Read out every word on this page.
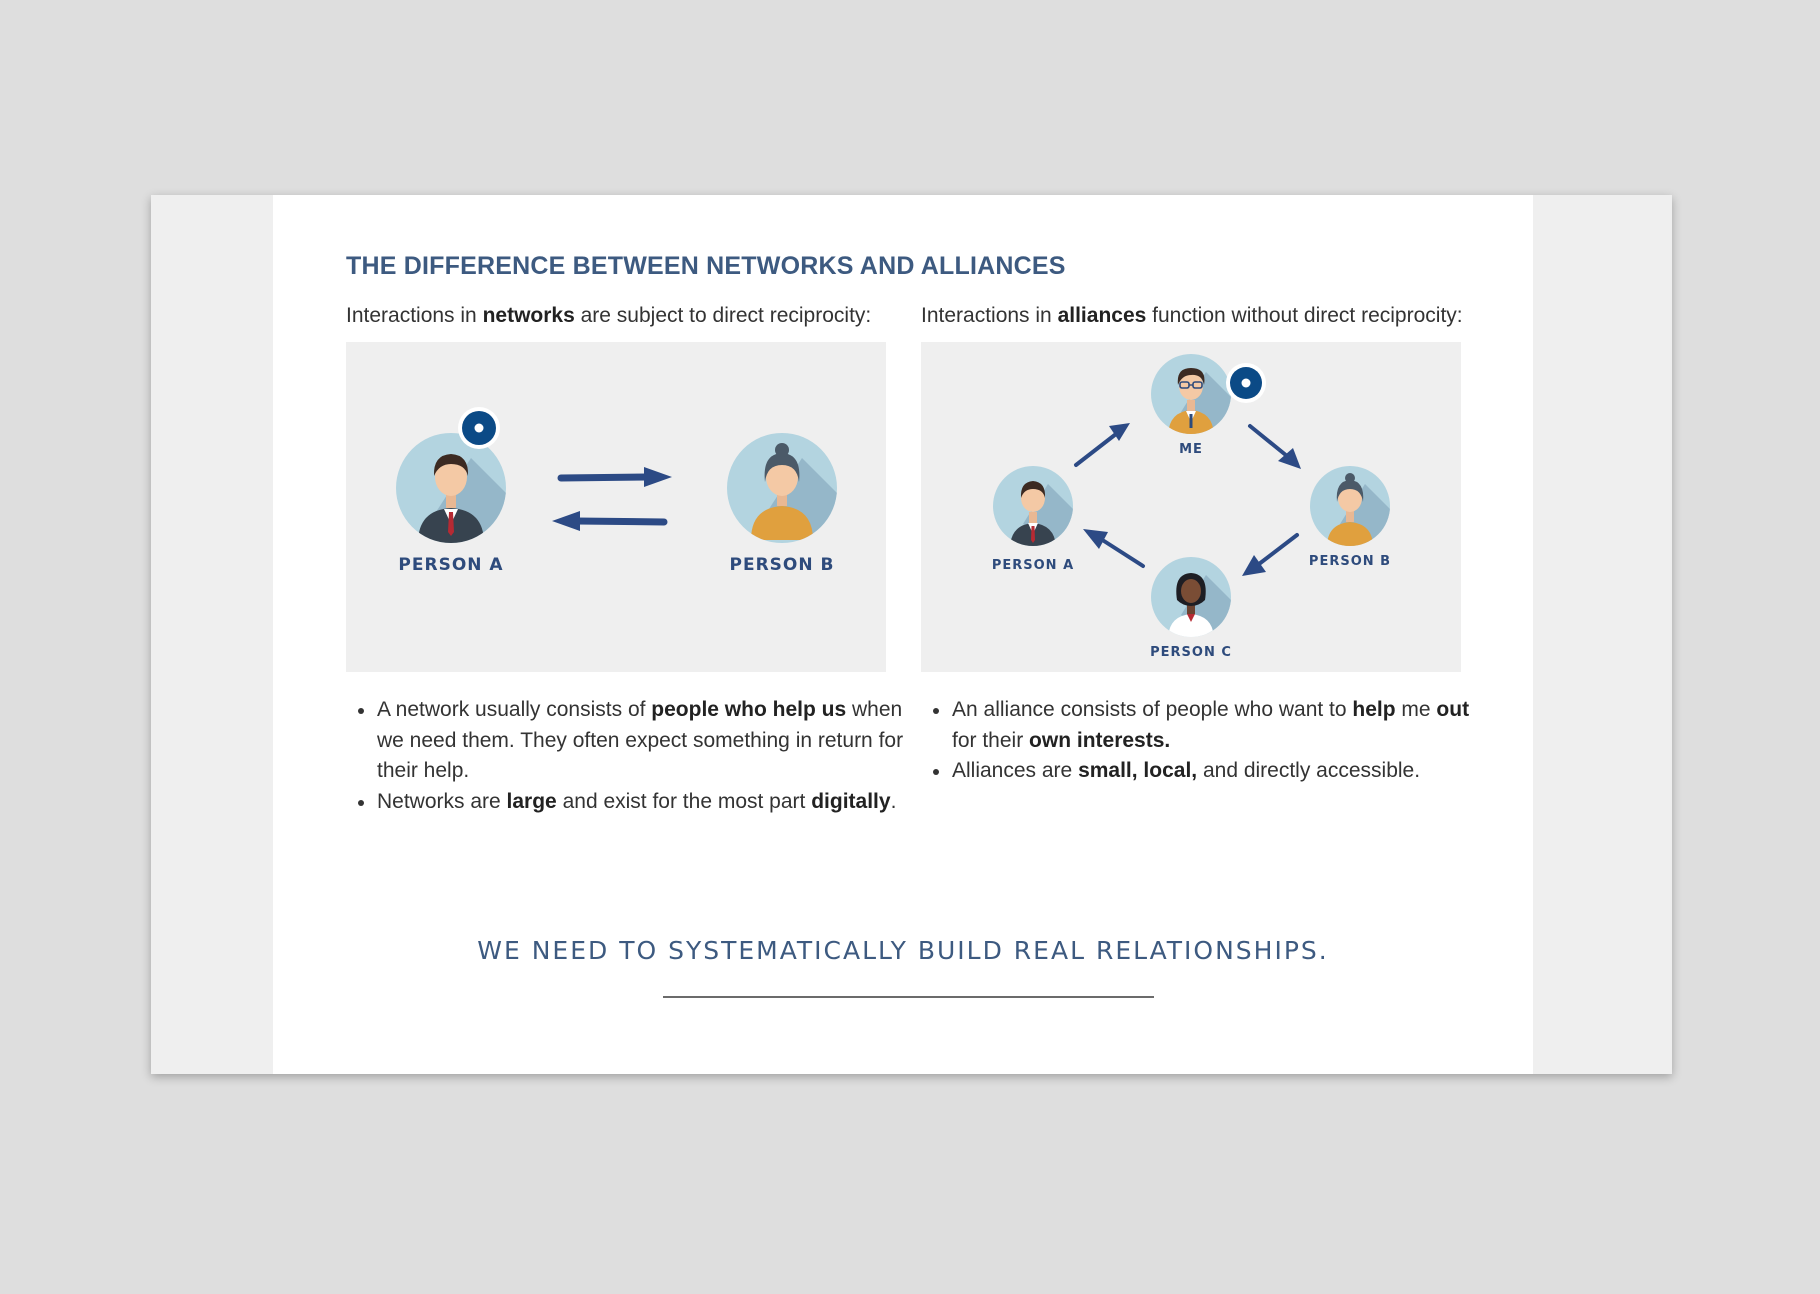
THE DIFFERENCE BETWEEN NETWORKS AND ALLIANCES
Interactions in networks are subject to direct reciprocity:
PERSON A	PERSON B
A network usually consists of people who help us when we need them. They often expect something in return for their help.
Networks are large and exist for the most part digitally.
Interactions in alliances function without direct reciprocity:
ME
PERSON A	PERSON B
PERSON C
An alliance consists of people who want to help me out for their own interests.
Alliances are small, local, and directly accessible.
WE NEED TO SYSTEMATICALLY BUILD REAL RELATIONSHIPS.
